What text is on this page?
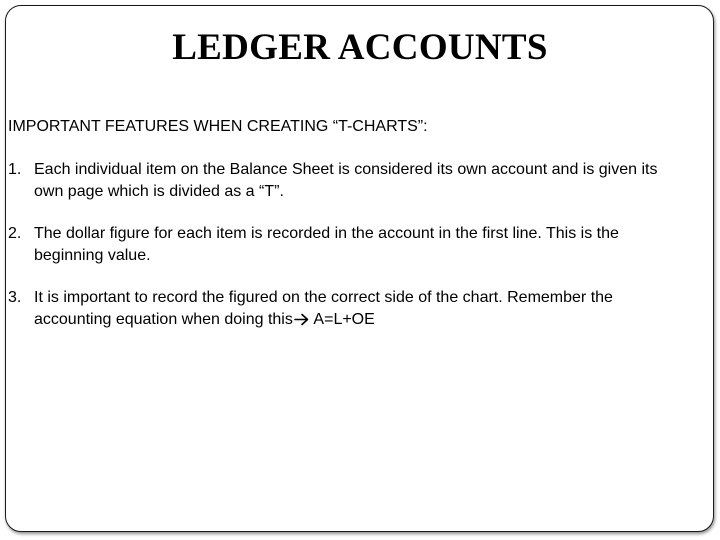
LEDGER ACCOUNTS
IMPORTANT FEATURES WHEN CREATING “T-CHARTS”:
1. Each individual item on the Balance Sheet is considered its own account and is given its own page which is divided as a “T”.
2. The dollar figure for each item is recorded in the account in the first line. This is the beginning value.
3. It is important to record the figured on the correct side of the chart. Remember the accounting equation when doing this A=L+OE
